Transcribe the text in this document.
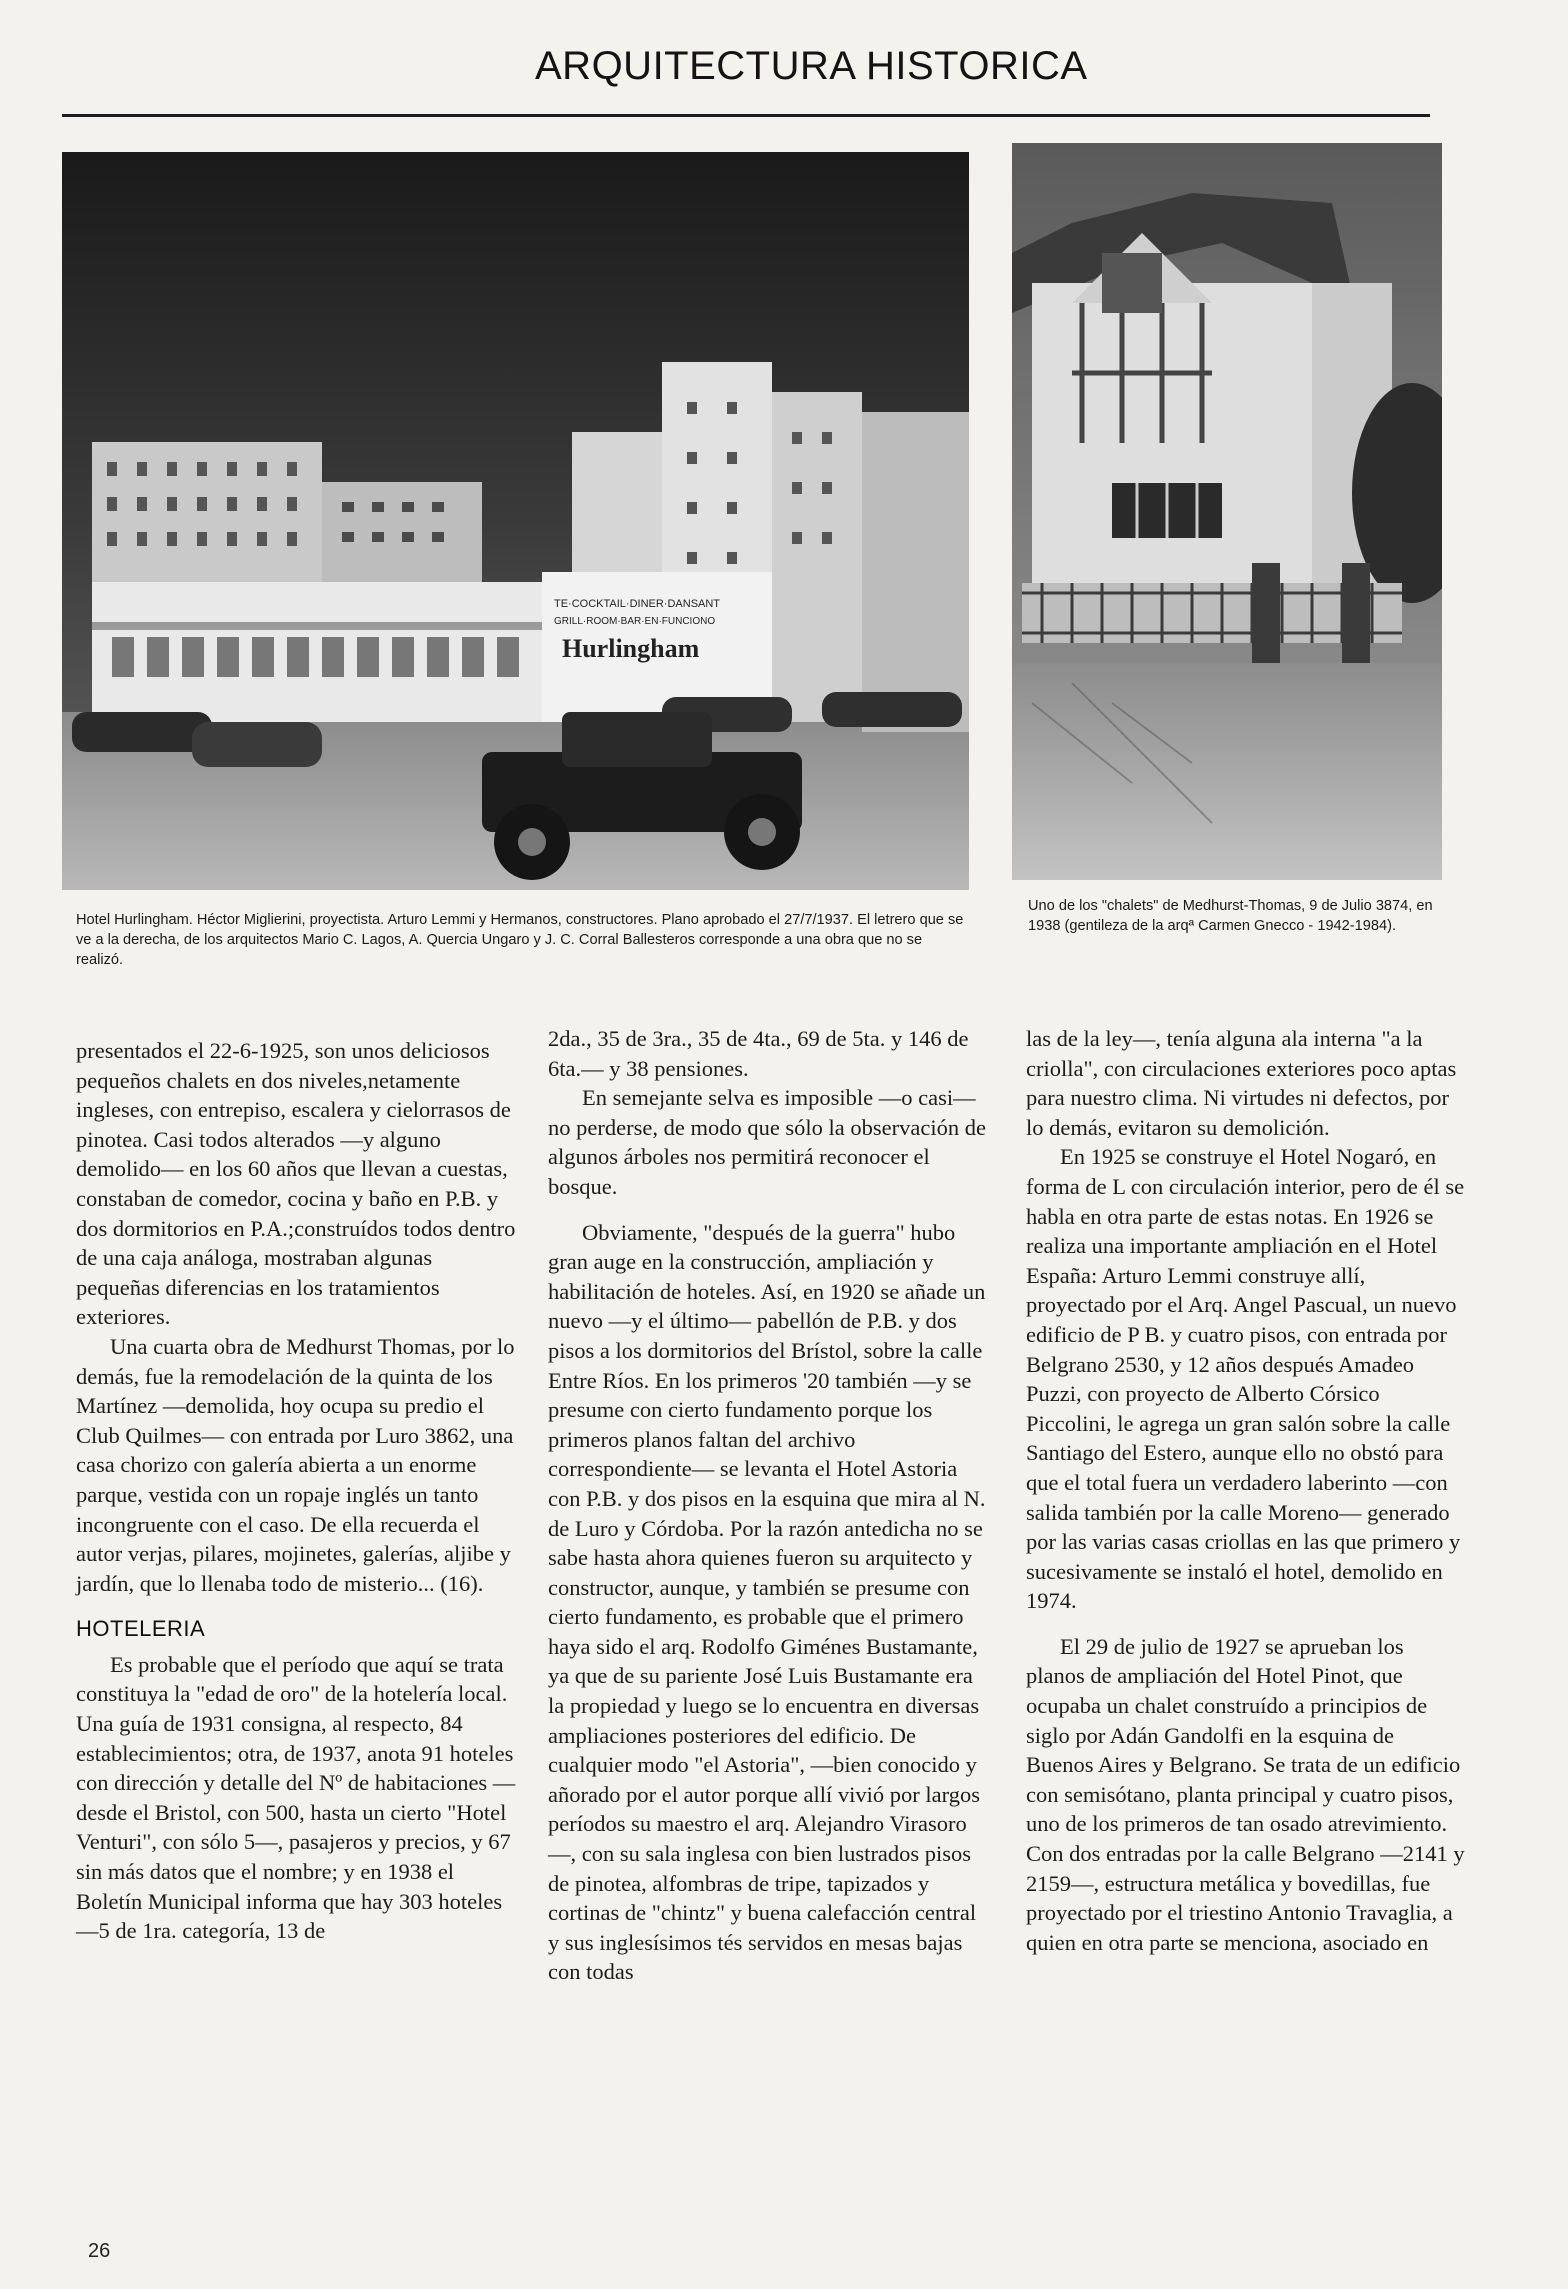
ARQUITECTURA HISTORICA
TE·COCKTAIL·DINER·DANSANT
GRILL·ROOM·BAR·EN·FUNCIONO
Hurlingham
Hotel Hurlingham. Héctor Miglierini, proyectista. Arturo Lemmi y Hermanos, constructores. Plano aprobado el 27/7/1937. El letrero que se ve a la derecha, de los arquitectos Mario C. Lagos, A. Quercia Ungaro y J. C. Corral Ballesteros corresponde a una obra que no se realizó.
Uno de los "chalets" de Medhurst-Thomas, 9 de Julio 3874, en 1938 (gentileza de la arqª Carmen Gnecco - 1942-1984).

presentados el 22-6-1925, son unos deliciosos pequeños chalets en dos niveles,netamente ingleses, con entrepiso, escalera y cielorrasos de pinotea. Casi todos alterados —y alguno demolido— en los 60 años que llevan a cuestas, constaban de comedor, cocina y baño en P.B. y dos dormitorios en P.A.;construídos todos dentro de una caja análoga, mostraban algunas pequeñas diferencias en los tratamientos exteriores.

Una cuarta obra de Medhurst Thomas, por lo demás, fue la remodelación de la quinta de los Martínez —demolida, hoy ocupa su predio el Club Quilmes— con entrada por Luro 3862, una casa chorizo con galería abierta a un enorme parque, vestida con un ropaje inglés un tanto incongruente con el caso. De ella recuerda el autor verjas, pilares, mojinetes, galerías, aljibe y jardín, que lo llenaba todo de misterio... (16).

HOTELERIA

Es probable que el período que aquí se trata constituya la "edad de oro" de la hotelería local. Una guía de 1931 consigna, al respecto, 84 establecimientos; otra, de 1937, anota 91 hoteles con dirección y detalle del Nº de habitaciones —desde el Bristol, con 500, hasta un cierto "Hotel Venturi", con sólo 5—, pasajeros y precios, y 67 sin más datos que el nombre; y en 1938 el Boletín Municipal informa que hay 303 hoteles —5 de 1ra. categoría, 13 de

2da., 35 de 3ra., 35 de 4ta., 69 de 5ta. y 146 de 6ta.— y 38 pensiones.

En semejante selva es imposible —o casi— no perderse, de modo que sólo la observación de algunos árboles nos permitirá reconocer el bosque.

Obviamente, "después de la guerra" hubo gran auge en la construcción, ampliación y habilitación de hoteles. Así, en 1920 se añade un nuevo —y el último— pabellón de P.B. y dos pisos a los dormitorios del Brístol, sobre la calle Entre Ríos. En los primeros '20 también —y se presume con cierto fundamento porque los primeros planos faltan del archivo correspondiente— se levanta el Hotel Astoria con P.B. y dos pisos en la esquina que mira al N. de Luro y Córdoba. Por la razón antedicha no se sabe hasta ahora quienes fueron su arquitecto y constructor, aunque, y también se presume con cierto fundamento, es probable que el primero haya sido el arq. Rodolfo Giménes Bustamante, ya que de su pariente José Luis Bustamante era la propiedad y luego se lo encuentra en diversas ampliaciones posteriores del edificio. De cualquier modo "el Astoria", —bien conocido y añorado por el autor porque allí vivió por largos períodos su maestro el arq. Alejandro Virasoro—, con su sala inglesa con bien lustrados pisos de pinotea, alfombras de tripe, tapizados y cortinas de "chintz" y buena calefacción central y sus inglesísimos tés servidos en mesas bajas con todas

las de la ley—, tenía alguna ala interna "a la criolla", con circulaciones exteriores poco aptas para nuestro clima. Ni virtudes ni defectos, por lo demás, evitaron su demolición.

En 1925 se construye el Hotel Nogaró, en forma de L con circulación interior, pero de él se habla en otra parte de estas notas. En 1926 se realiza una importante ampliación en el Hotel España: Arturo Lemmi construye allí, proyectado por el Arq. Angel Pascual, un nuevo edificio de P B. y cuatro pisos, con entrada por Belgrano 2530, y 12 años después Amadeo Puzzi, con proyecto de Alberto Córsico Piccolini, le agrega un gran salón sobre la calle Santiago del Estero, aunque ello no obstó para que el total fuera un verdadero laberinto —con salida también por la calle Moreno— generado por las varias casas criollas en las que primero y sucesivamente se instaló el hotel, demolido en 1974.

El 29 de julio de 1927 se aprueban los planos de ampliación del Hotel Pinot, que ocupaba un chalet construído a principios de siglo por Adán Gandolfi en la esquina de Buenos Aires y Belgrano. Se trata de un edificio con semisótano, planta principal y cuatro pisos, uno de los primeros de tan osado atrevimiento. Con dos entradas por la calle Belgrano —2141 y 2159—, estructura metálica y bovedillas, fue proyectado por el triestino Antonio Travaglia, a quien en otra parte se menciona, asociado en

26
